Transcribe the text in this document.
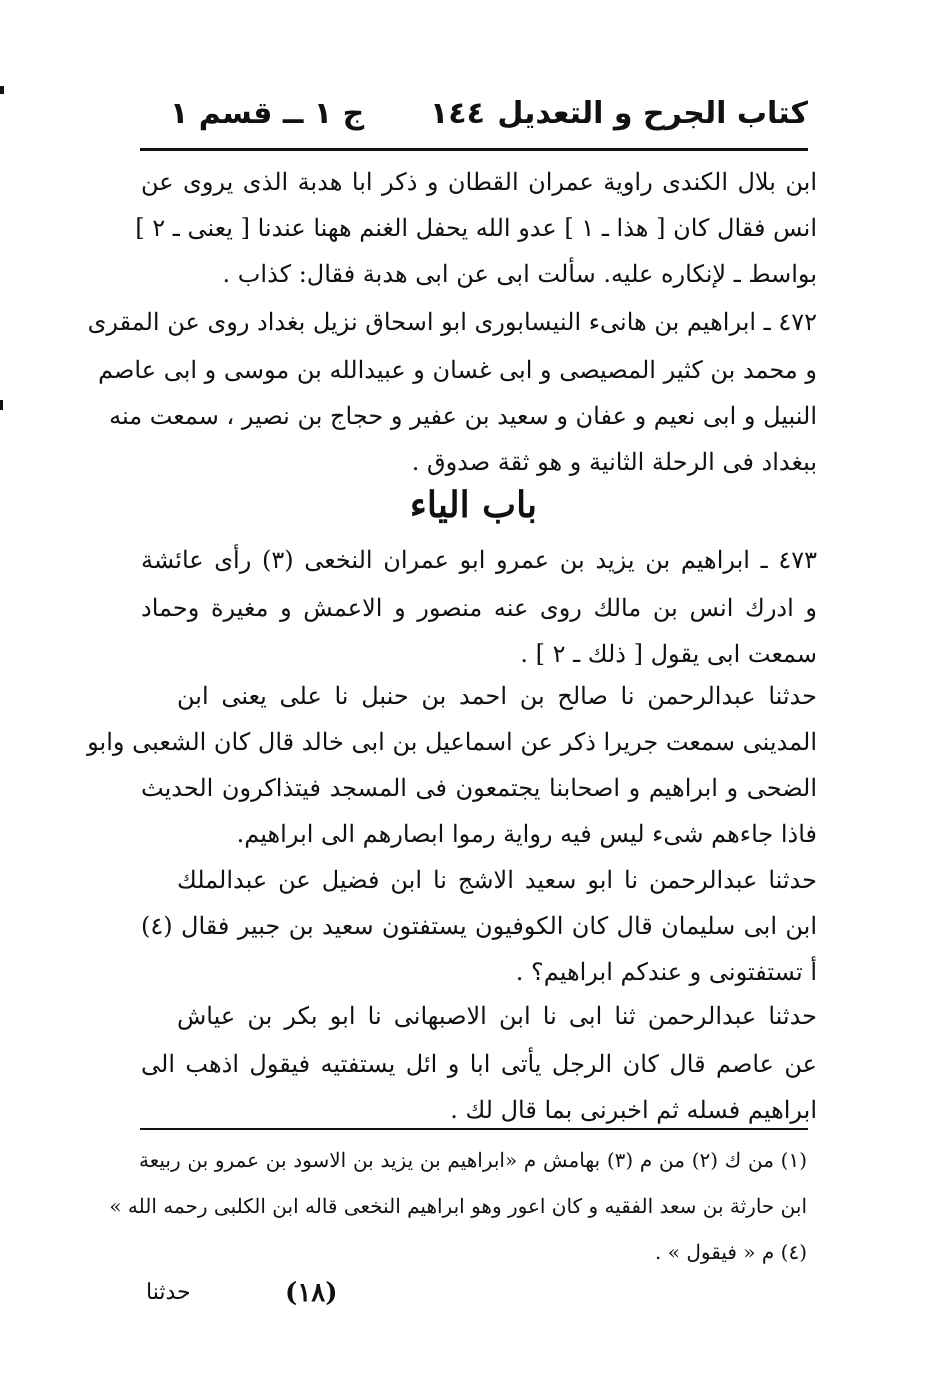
كتاب الجرح و التعديل
١٤٤
ج ١ ــ قسم ١
ابن بلال الكندى راوية عمران القطان و ذكر ابا هدبة الذى يروى عن
انس فقال كان [ هذا ـ ١ ] عدو الله يحفل الغنم ههنا عندنا [ يعنى ـ ٢ ]
بواسط ـ لإنكاره عليه. سألت ابى عن ابى هدبة فقال: كذاب .
٤٧٢ ـ ابراهيم بن هانىء النيسابورى ابو اسحاق نزيل بغداد روى عن المقرى
و محمد بن كثير المصيصى و ابى غسان و عبيدالله بن موسى و ابى عاصم
النبيل و ابى نعيم و عفان و سعيد بن عفير و حجاج بن نصير ، سمعت منه
ببغداد فى الرحلة الثانية و هو ثقة صدوق .
باب الياء
٤٧٣ ـ ابراهيم بن يزيد بن عمرو ابو عمران النخعى (٣) رأى عائشة
و ادرك انس بن مالك روى عنه منصور و الاعمش و مغيرة وحماد
سمعت ابى يقول [ ذلك ـ ٢ ] .
حدثنا عبدالرحمن نا صالح بن احمد بن حنبل نا على يعنى ابن
المدينى سمعت جريرا ذكر عن اسماعيل بن ابى خالد قال كان الشعبى وابو
الضحى و ابراهيم و اصحابنا يجتمعون فى المسجد فيتذاكرون الحديث
فاذا جاءهم شىء ليس فيه رواية رموا ابصارهم الى ابراهيم.
حدثنا عبدالرحمن نا ابو سعيد الاشج نا ابن فضيل عن عبدالملك
ابن ابى سليمان قال كان الكوفيون يستفتون سعيد بن جبير فقال (٤)
أ تستفتونى و عندكم ابراهيم؟ .
حدثنا عبدالرحمن ثنا ابى نا ابن الاصبهانى نا ابو بكر بن عياش
عن عاصم قال كان الرجل يأتى ابا و ائل يستفتيه فيقول اذهب الى
ابراهيم فسله ثم اخبرنى بما قال لك .
(١) من ك (٢) من م (٣) بهامش م «ابراهيم بن يزيد بن الاسود بن عمرو بن ربيعة
ابن حارثة بن سعد الفقيه و كان اعور وهو ابراهيم النخعى قاله ابن الكلبى رحمه الله »
(٤) م « فيقول » .
(١٨)
حدثنا
